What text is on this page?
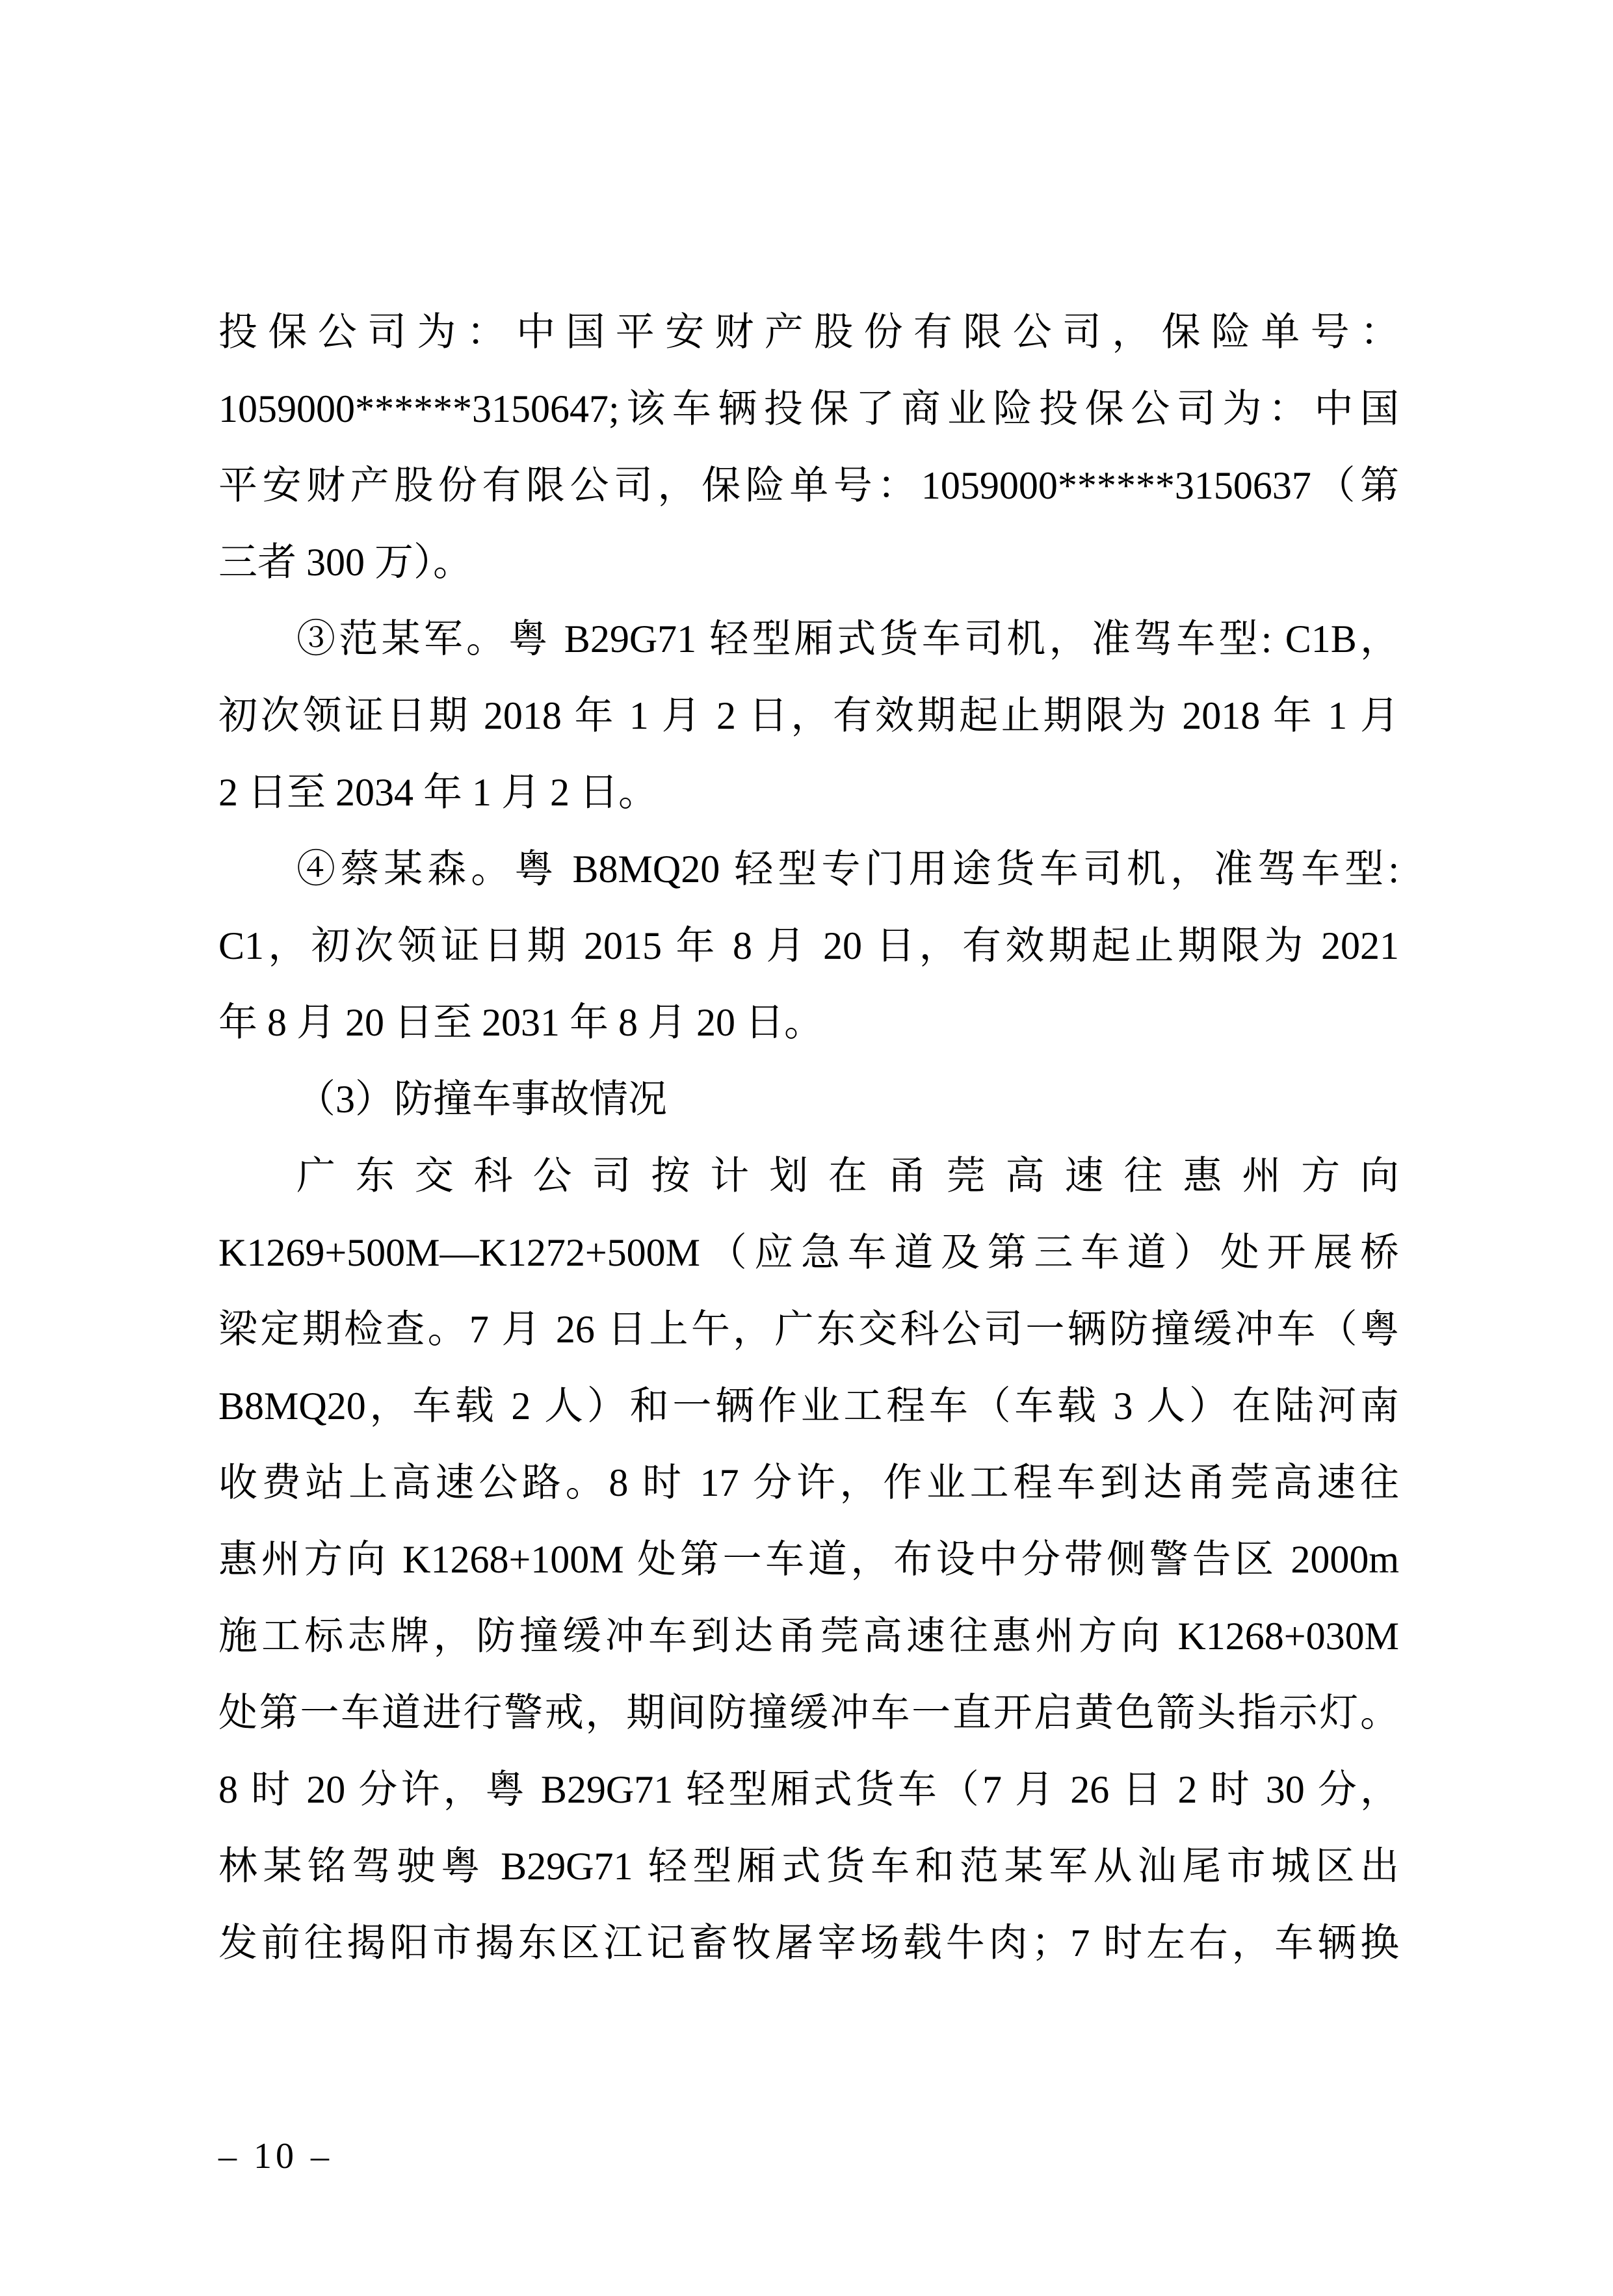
投保公司为：中国平安财产股份有限公司，保险单号：
1059000******3150647;该车辆投保了商业险投保公司为：中国
平安财产股份有限公司，保险单号：1059000******3150637（第
三者 300 万）。
③范某军。粤 B29G71 轻型厢式货车司机，准驾车型: C1B，
初次领证日期 2018 年 1 月 2 日，有效期起止期限为 2018 年 1 月
2 日至 2034 年 1 月 2 日。
④蔡某森。粤 B8MQ20 轻型专门用途货车司机，准驾车型:
C1，初次领证日期 2015 年 8 月 20 日，有效期起止期限为 2021
年 8 月 20 日至 2031 年 8 月 20 日。
（3）防撞车事故情况
广东交科公司按计划在甬莞高速往惠州方向
K1269+500M—K1272+500M（应急车道及第三车道）处开展桥
梁定期检查。7 月 26 日上午，广东交科公司一辆防撞缓冲车（粤
B8MQ20，车载 2 人）和一辆作业工程车（车载 3 人）在陆河南
收费站上高速公路。8 时 17 分许，作业工程车到达甬莞高速往
惠州方向 K1268+100M 处第一车道，布设中分带侧警告区 2000m
施工标志牌，防撞缓冲车到达甬莞高速往惠州方向 K1268+030M
处第一车道进行警戒，期间防撞缓冲车一直开启黄色箭头指示灯。
8 时 20 分许，粤 B29G71 轻型厢式货车（7 月 26 日 2 时 30 分，
林某铭驾驶粤 B29G71 轻型厢式货车和范某军从汕尾市城区出
发前往揭阳市揭东区江记畜牧屠宰场载牛肉；7 时左右，车辆换
– 10 –
